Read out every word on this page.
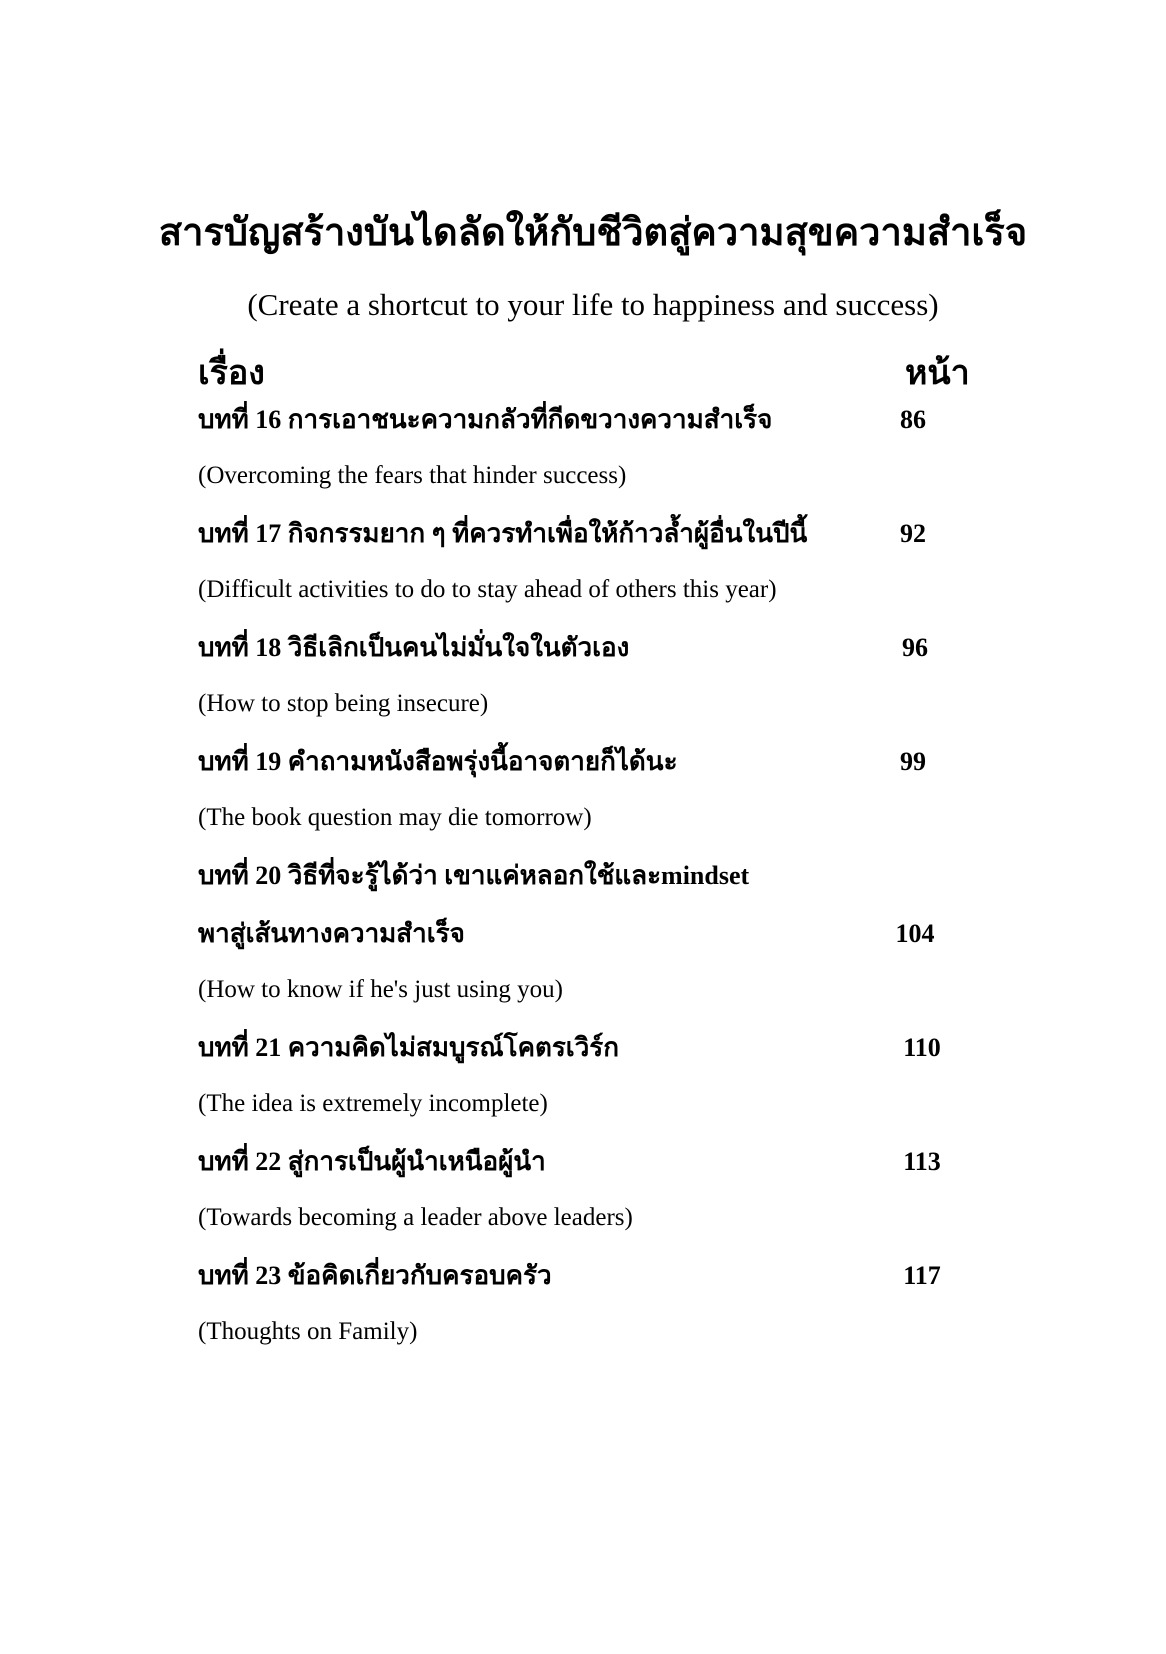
สารบัญสร้างบันไดลัดให้กับชีวิตสู่ความสุขความสำเร็จ
(Create a shortcut to your life to happiness and success)
เรื่อง	หน้า
บทที่ 16 การเอาชนะความกลัวที่กีดขวางความสำเร็จ	86
(Overcoming the fears that hinder success)
บทที่ 17 กิจกรรมยาก ๆ ที่ควรทำเพื่อให้ก้าวล้ำผู้อื่นในปีนี้	92
(Difficult activities to do to stay ahead of others this year)
บทที่ 18 วิธีเลิกเป็นคนไม่มั่นใจในตัวเอง	96
(How to stop being insecure)
บทที่ 19 คำถามหนังสือพรุ่งนี้อาจตายก็ได้นะ	99
(The book question may die tomorrow)
บทที่ 20 วิธีที่จะรู้ได้ว่า เขาแค่หลอกใช้และmindset
พาสู่เส้นทางความสำเร็จ	104
(How to know if he's just using you)
บทที่ 21 ความคิดไม่สมบูรณ์โคตรเวิร์ก	110
(The idea is extremely incomplete)
บทที่ 22 สู่การเป็นผู้นำเหนือผู้นำ	113
(Towards becoming a leader above leaders)
บทที่ 23 ข้อคิดเกี่ยวกับครอบครัว	117
(Thoughts on Family)
